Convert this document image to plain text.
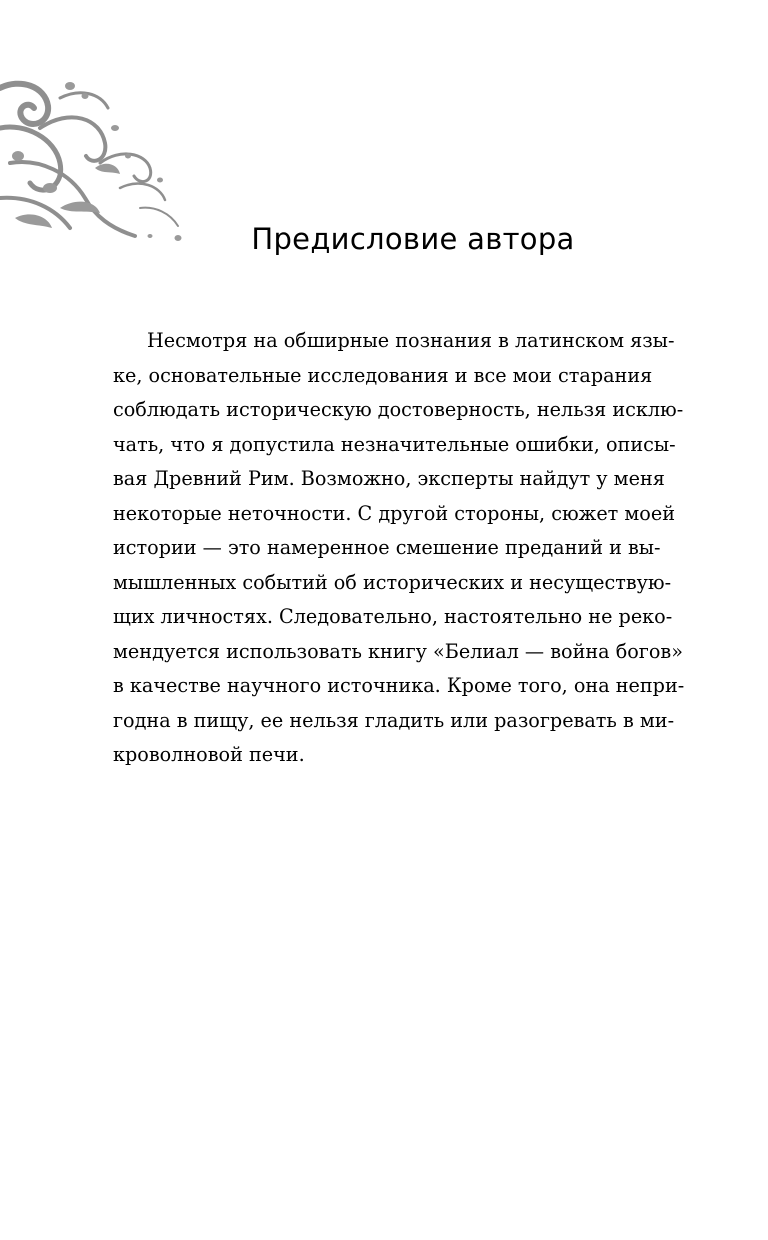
Предисловие автора
Несмотря на обширные познания в латинском язы-
ке, основательные исследования и все мои старания
соблюдать историческую достоверность, нельзя исклю-
чать, что я допустила незначительные ошибки, описы-
вая Древний Рим. Возможно, эксперты найдут у меня
некоторые неточности. С другой стороны, сюжет моей
истории — это намеренное смешение преданий и вы-
мышленных событий об исторических и несуществую-
щих личностях. Следовательно, настоятельно не реко-
мендуется использовать книгу «Белиал — война богов»
в качестве научного источника. Кроме того, она непри-
годна в пищу, ее нельзя гладить или разогревать в ми-
кроволновой печи.
